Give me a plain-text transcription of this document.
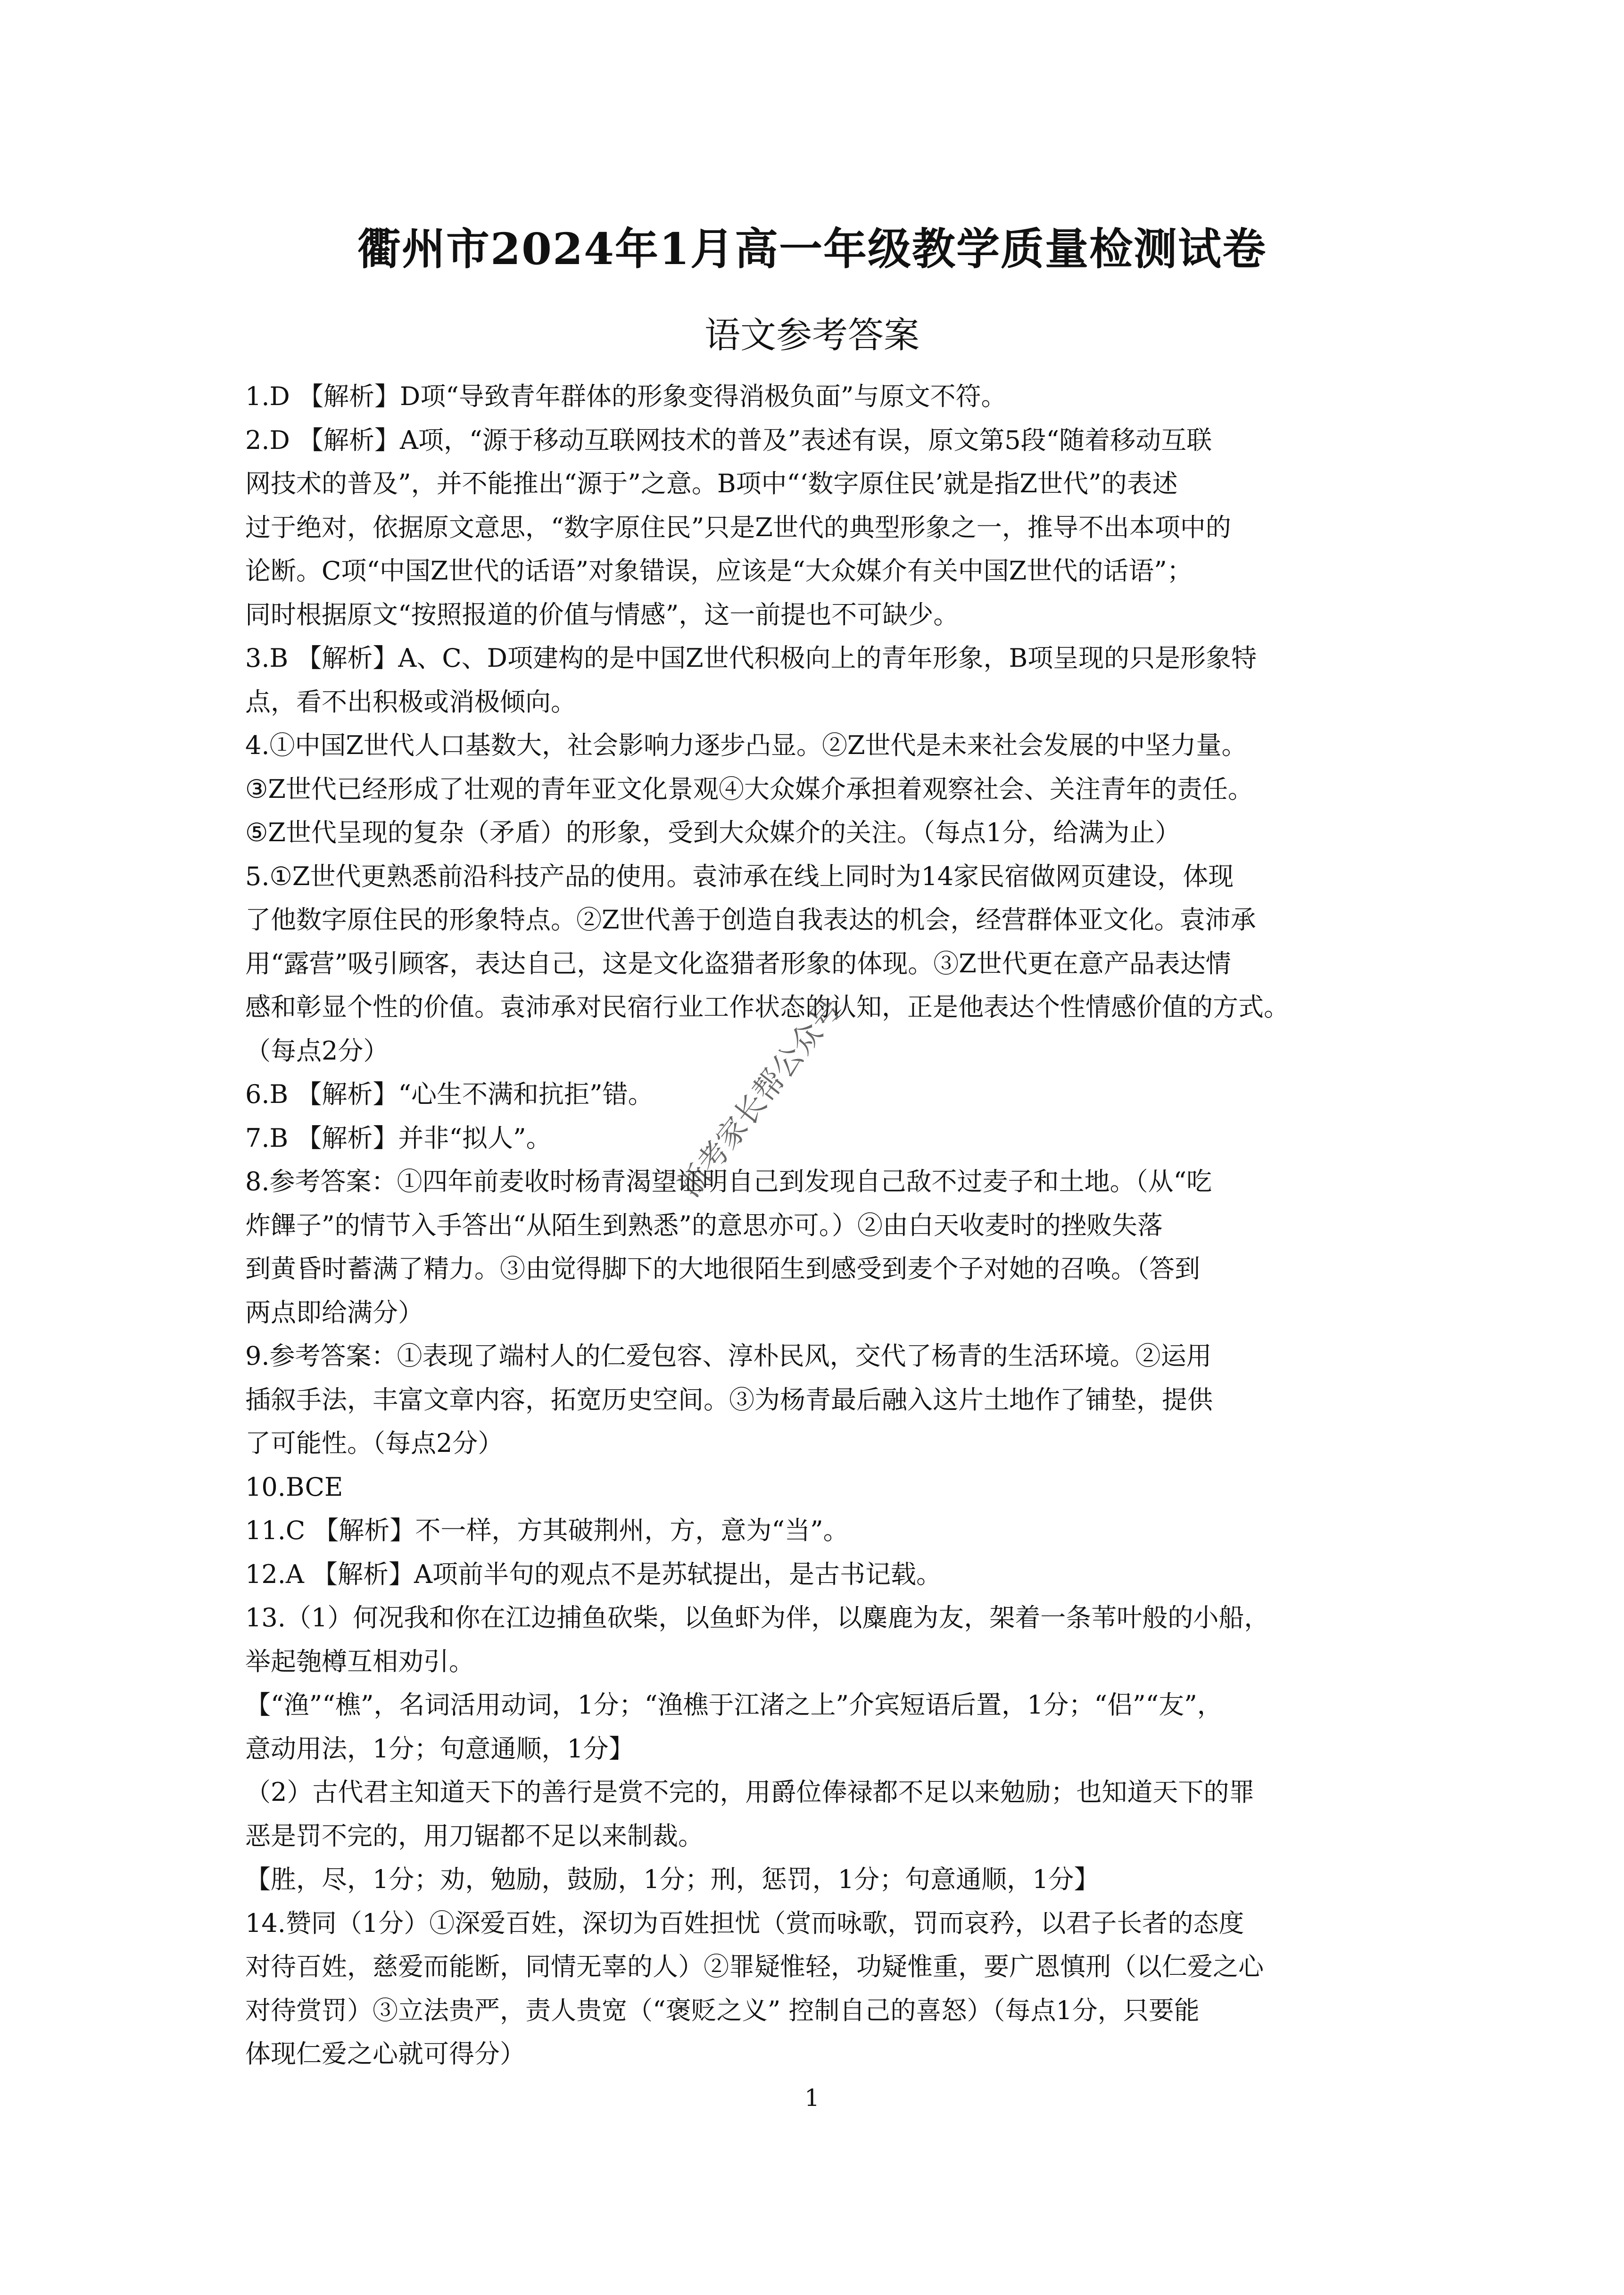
衢州市2024年1月高一年级教学质量检测试卷
语文参考答案
1.D 【解析】D项“导致青年群体的形象变得消极负面”与原文不符。
2.D 【解析】A项，“源于移动互联网技术的普及”表述有误，原文第5段“随着移动互联
网技术的普及”，并不能推出“源于”之意。B项中“‘数字原住民’就是指Z世代”的表述
过于绝对，依据原文意思，“数字原住民”只是Z世代的典型形象之一，推导不出本项中的
论断。C项“中国Z世代的话语”对象错误，应该是“大众媒介有关中国Z世代的话语”；
同时根据原文“按照报道的价值与情感”，这一前提也不可缺少。
3.B 【解析】A、C、D项建构的是中国Z世代积极向上的青年形象，B项呈现的只是形象特
点，看不出积极或消极倾向。
4.①中国Z世代人口基数大，社会影响力逐步凸显。②Z世代是未来社会发展的中坚力量。
③Z世代已经形成了壮观的青年亚文化景观④大众媒介承担着观察社会、关注青年的责任。
⑤Z世代呈现的复杂（矛盾）的形象，受到大众媒介的关注。（每点1分，给满为止）
5.①Z世代更熟悉前沿科技产品的使用。袁沛承在线上同时为14家民宿做网页建设，体现
了他数字原住民的形象特点。②Z世代善于创造自我表达的机会，经营群体亚文化。袁沛承
用“露营”吸引顾客，表达自己，这是文化盗猎者形象的体现。③Z世代更在意产品表达情
感和彰显个性的价值。袁沛承对民宿行业工作状态的认知，正是他表达个性情感价值的方式。
（每点2分）
6.B 【解析】“心生不满和抗拒”错。
7.B 【解析】并非“拟人”。
8.参考答案：①四年前麦收时杨青渴望证明自己到发现自己敌不过麦子和土地。（从“吃
炸饆子”的情节入手答出“从陌生到熟悉”的意思亦可。）②由白天收麦时的挫败失落
到黄昏时蓄满了精力。③由觉得脚下的大地很陌生到感受到麦个子对她的召唤。（答到
两点即给满分）
9.参考答案：①表现了端村人的仁爱包容、淳朴民风，交代了杨青的生活环境。②运用
插叙手法，丰富文章内容，拓宽历史空间。③为杨青最后融入这片土地作了铺垫，提供
了可能性。（每点2分）
10.BCE
11.C 【解析】不一样，方其破荆州，方，意为“当”。
12.A 【解析】A项前半句的观点不是苏轼提出，是古书记载。
13.（1）何况我和你在江边捕鱼砍柴，以鱼虾为伴，以麋鹿为友，架着一条苇叶般的小船，
举起匏樽互相劝引。
【“渔”“樵”，名词活用动词，1分；“渔樵于江渚之上”介宾短语后置，1分；“侣”“友”，
意动用法，1分；句意通顺，1分】
（2）古代君主知道天下的善行是赏不完的，用爵位俸禄都不足以来勉励；也知道天下的罪
恶是罚不完的，用刀锯都不足以来制裁。
【胜，尽，1分；劝，勉励，鼓励，1分；刑，惩罚，1分；句意通顺，1分】
14.赞同（1分）①深爱百姓，深切为百姓担忧（赏而咏歌，罚而哀矜，以君子长者的态度
对待百姓，慈爱而能断，同情无辜的人）②罪疑惟轻，功疑惟重，要广恩慎刑（以仁爱之心
对待赏罚）③立法贵严，责人贵宽（“褒贬之义” 控制自己的喜怒）（每点1分，只要能
体现仁爱之心就可得分）
浙考家长帮公众号
1
